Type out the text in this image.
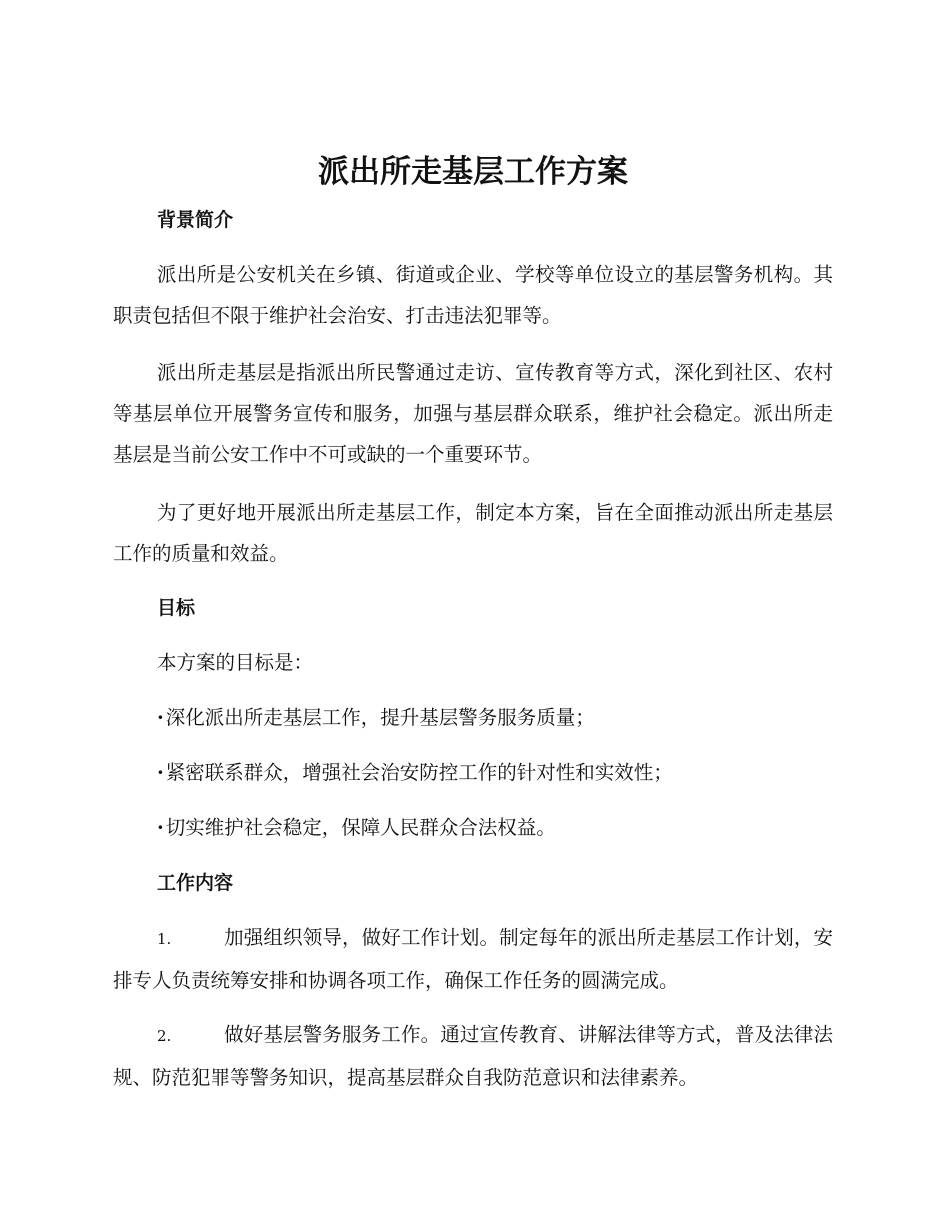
派出所走基层工作方案
背景简介

派出所是公安机关在乡镇、街道或企业、学校等单位设立的基层警务机构。其职责包括但不限于维护社会治安、打击违法犯罪等。

派出所走基层是指派出所民警通过走访、宣传教育等方式，深化到社区、农村等基层单位开展警务宣传和服务，加强与基层群众联系，维护社会稳定。派出所走基层是当前公安工作中不可或缺的一个重要环节。

为了更好地开展派出所走基层工作，制定本方案，旨在全面推动派出所走基层工作的质量和效益。

目标

本方案的目标是：

· 深化派出所走基层工作，提升基层警务服务质量；

· 紧密联系群众，增强社会治安防控工作的针对性和实效性；

· 切实维护社会稳定，保障人民群众合法权益。

工作内容

1.	加强组织领导，做好工作计划。制定每年的派出所走基层工作计划，安排专人负责统筹安排和协调各项工作，确保工作任务的圆满完成。

2.	做好基层警务服务工作。通过宣传教育、讲解法律等方式，普及法律法规、防范犯罪等警务知识，提高基层群众自我防范意识和法律素养。
